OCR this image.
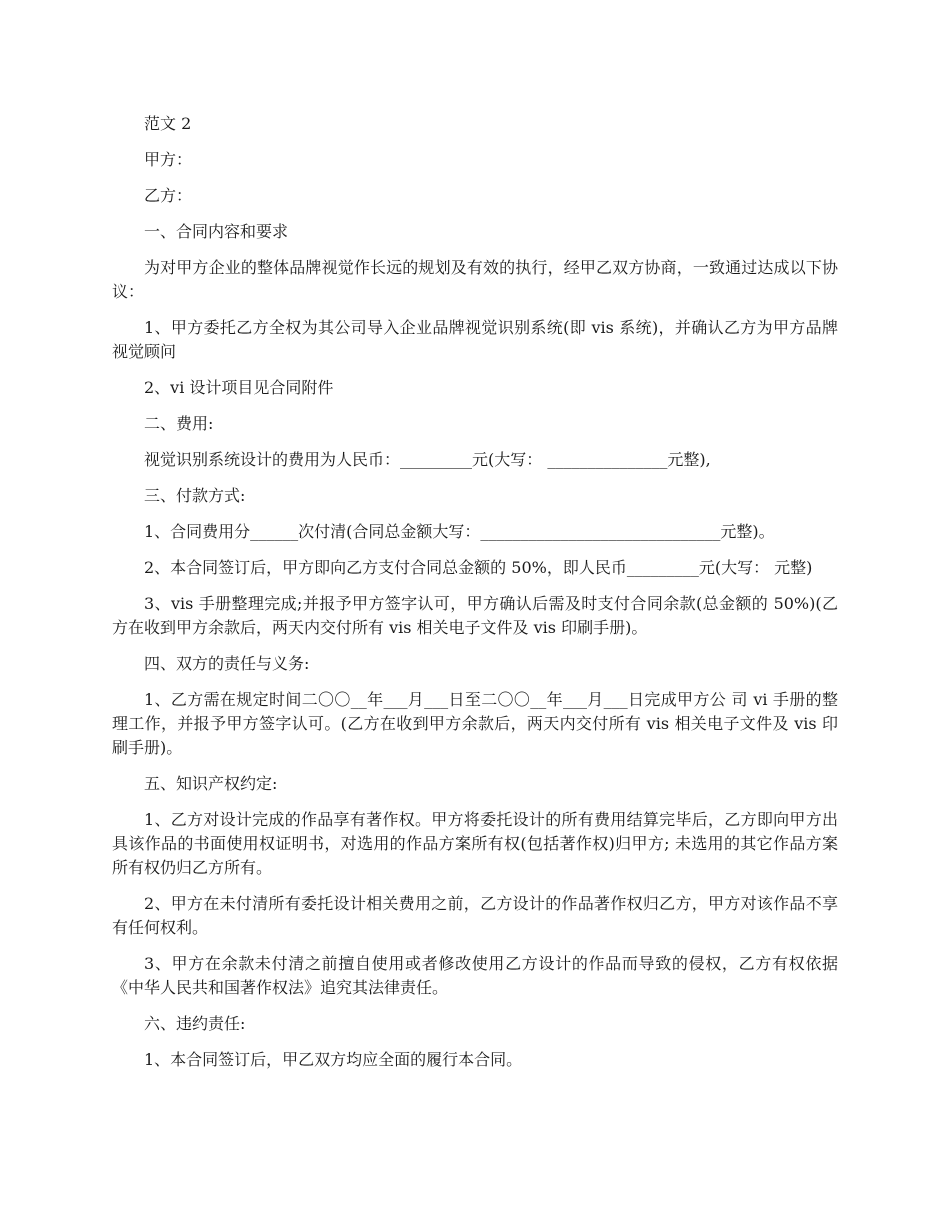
范文 2

甲方：

乙方：

一、合同内容和要求

为对甲方企业的整体品牌视觉作长远的规划及有效的执行，经甲乙双方协商，一致通过达成以下协议：

1、甲方委托乙方全权为其公司导入企业品牌视觉识别系统(即 vis 系统)，并确认乙方为甲方品牌视觉顾问

2、vi 设计项目见合同附件

二、费用:

视觉识别系统设计的费用为人民币：_________元(大写： _______________元整),

三、付款方式:

1、合同费用分______次付清(合同总金额大写：______________________________元整)。

2、本合同签订后，甲方即向乙方支付合同总金额的 50%，即人民币_________元(大写： 元整)

3、vis 手册整理完成;并报予甲方签字认可，甲方确认后需及时支付合同余款(总金额的 50%)(乙方在收到甲方余款后，两天内交付所有 vis 相关电子文件及 vis 印刷手册)。

四、双方的责任与义务:

1、乙方需在规定时间二〇〇__年___月___日至二〇〇__年___月___日完成甲方公 司 vi 手册的整理工作，并报予甲方签字认可。(乙方在收到甲方余款后，两天内交付所有 vis 相关电子文件及 vis 印刷手册)。

五、知识产权约定:

1、乙方对设计完成的作品享有著作权。甲方将委托设计的所有费用结算完毕后，乙方即向甲方出具该作品的书面使用权证明书，对选用的作品方案所有权(包括著作权)归甲方; 未选用的其它作品方案所有权仍归乙方所有。

2、甲方在未付清所有委托设计相关费用之前，乙方设计的作品著作权归乙方，甲方对该作品不享有任何权利。

3、甲方在余款未付清之前擅自使用或者修改使用乙方设计的作品而导致的侵权，乙方有权依据《中华人民共和国著作权法》追究其法律责任。

六、违约责任:

1、本合同签订后，甲乙双方均应全面的履行本合同。
